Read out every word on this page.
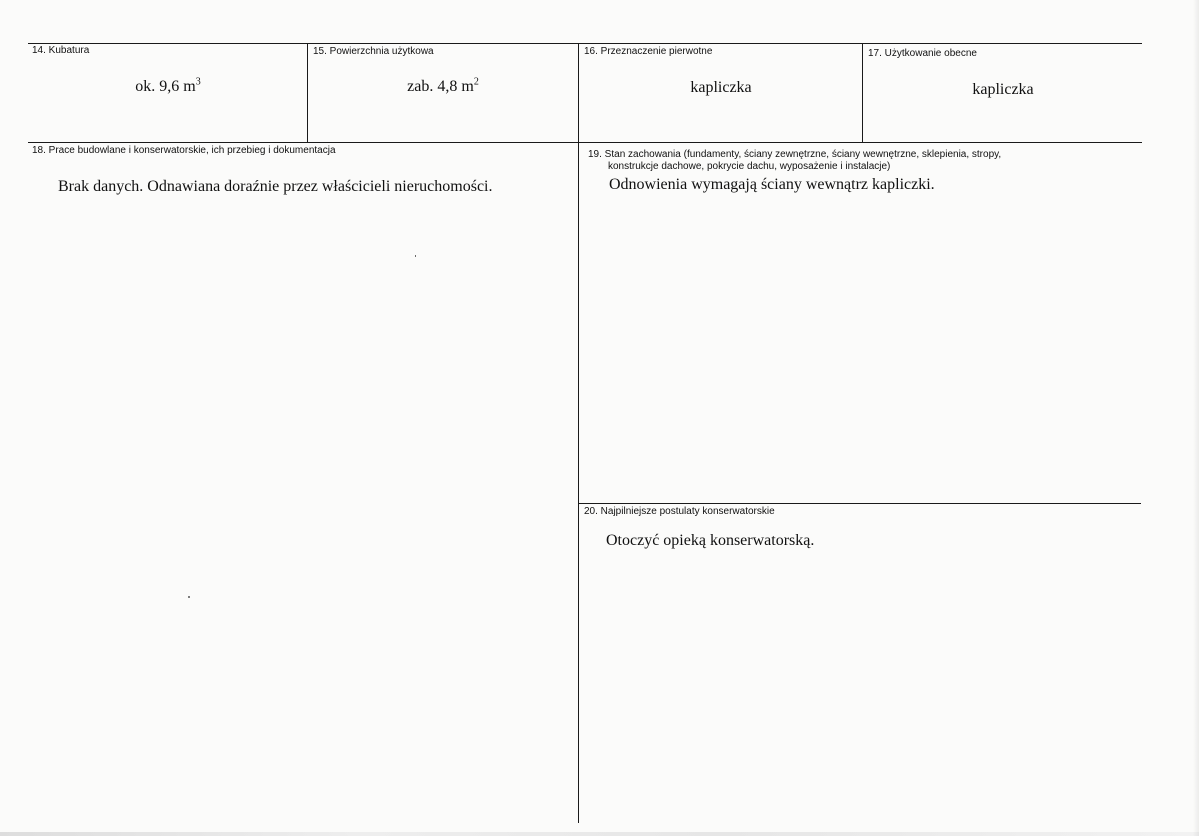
14. Kubatura
ok. 9,6 $m^3$
15. Powierzchnia użytkowa
zab. 4,8 $m^2$
16. Przeznaczenie pierwotne
kapliczka
17. Użytkowanie obecne
kapliczka
18. Prace budowlane i konserwatorskie, ich przebieg i dokumentacja
Brak danych. Odnawiana doraźnie przez właścicieli nieruchomości.
19. Stan zachowania (fundamenty, ściany zewnętrzne, ściany wewnętrzne, sklepienia, stropy,
konstrukcje dachowe, pokrycie dachu, wyposażenie i instalacje)
Odnowienia wymagają ściany wewnątrz kapliczki.
20. Najpilniejsze postulaty konserwatorskie
Otoczyć opieką konserwatorską.
